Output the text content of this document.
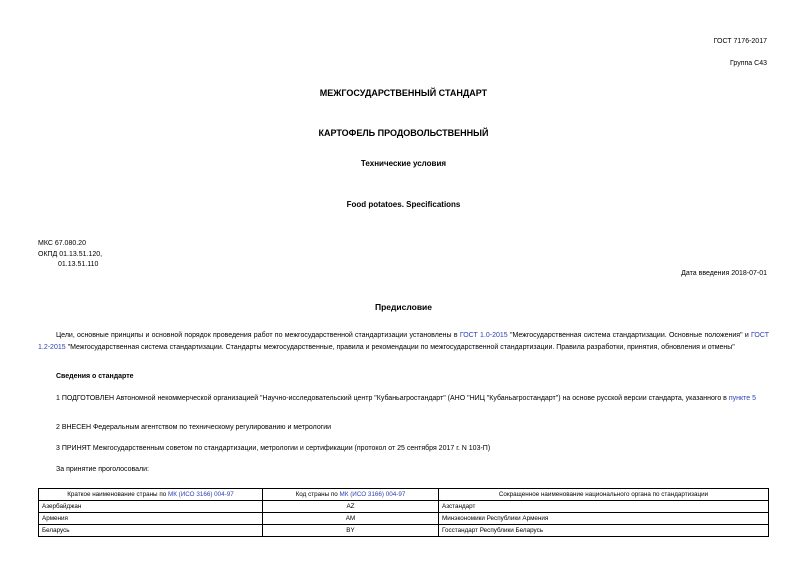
ГОСТ 7176-2017
Группа С43
МЕЖГОСУДАРСТВЕННЫЙ СТАНДАРТ
КАРТОФЕЛЬ ПРОДОВОЛЬСТВЕННЫЙ
Технические условия
Food potatoes. Specifications
МКС 67.080.20
ОКПД 01.13.51.120,
01.13.51.110
Дата введения 2018-07-01
Предисловие
Цели, основные принципы и основной порядок проведения работ по межгосударственной стандартизации установлены в ГОСТ 1.0-2015 "Межгосударственная система стандартизации. Основные положения" и ГОСТ 1.2-2015 "Межгосударственная система стандартизации. Стандарты межгосударственные, правила и рекомендации по межгосударственной стандартизации. Правила разработки, принятия, обновления и отмены"
Сведения о стандарте
1 ПОДГОТОВЛЕН Автономной некоммерческой организацией "Научно-исследовательский центр "Кубаньагростандарт" (АНО "НИЦ "Кубаньагростандарт") на основе русской версии стандарта, указанного в пункте 5
2 ВНЕСЕН Федеральным агентством по техническому регулированию и метрологии
3 ПРИНЯТ Межгосударственным советом по стандартизации, метрологии и сертификации (протокол от 25 сентября 2017 г. N 103-П)
За принятие проголосовали:
Краткое наименование страны по МК (ИСО 3166) 004-97	Код страны по МК (ИСО 3166) 004-97	Сокращенное наименование национального органа по стандартизации
Азербайджан	AZ	Азстандарт
Армения	AM	Минэкономики Республики Армения
Беларусь	BY	Госстандарт Республики Беларусь
